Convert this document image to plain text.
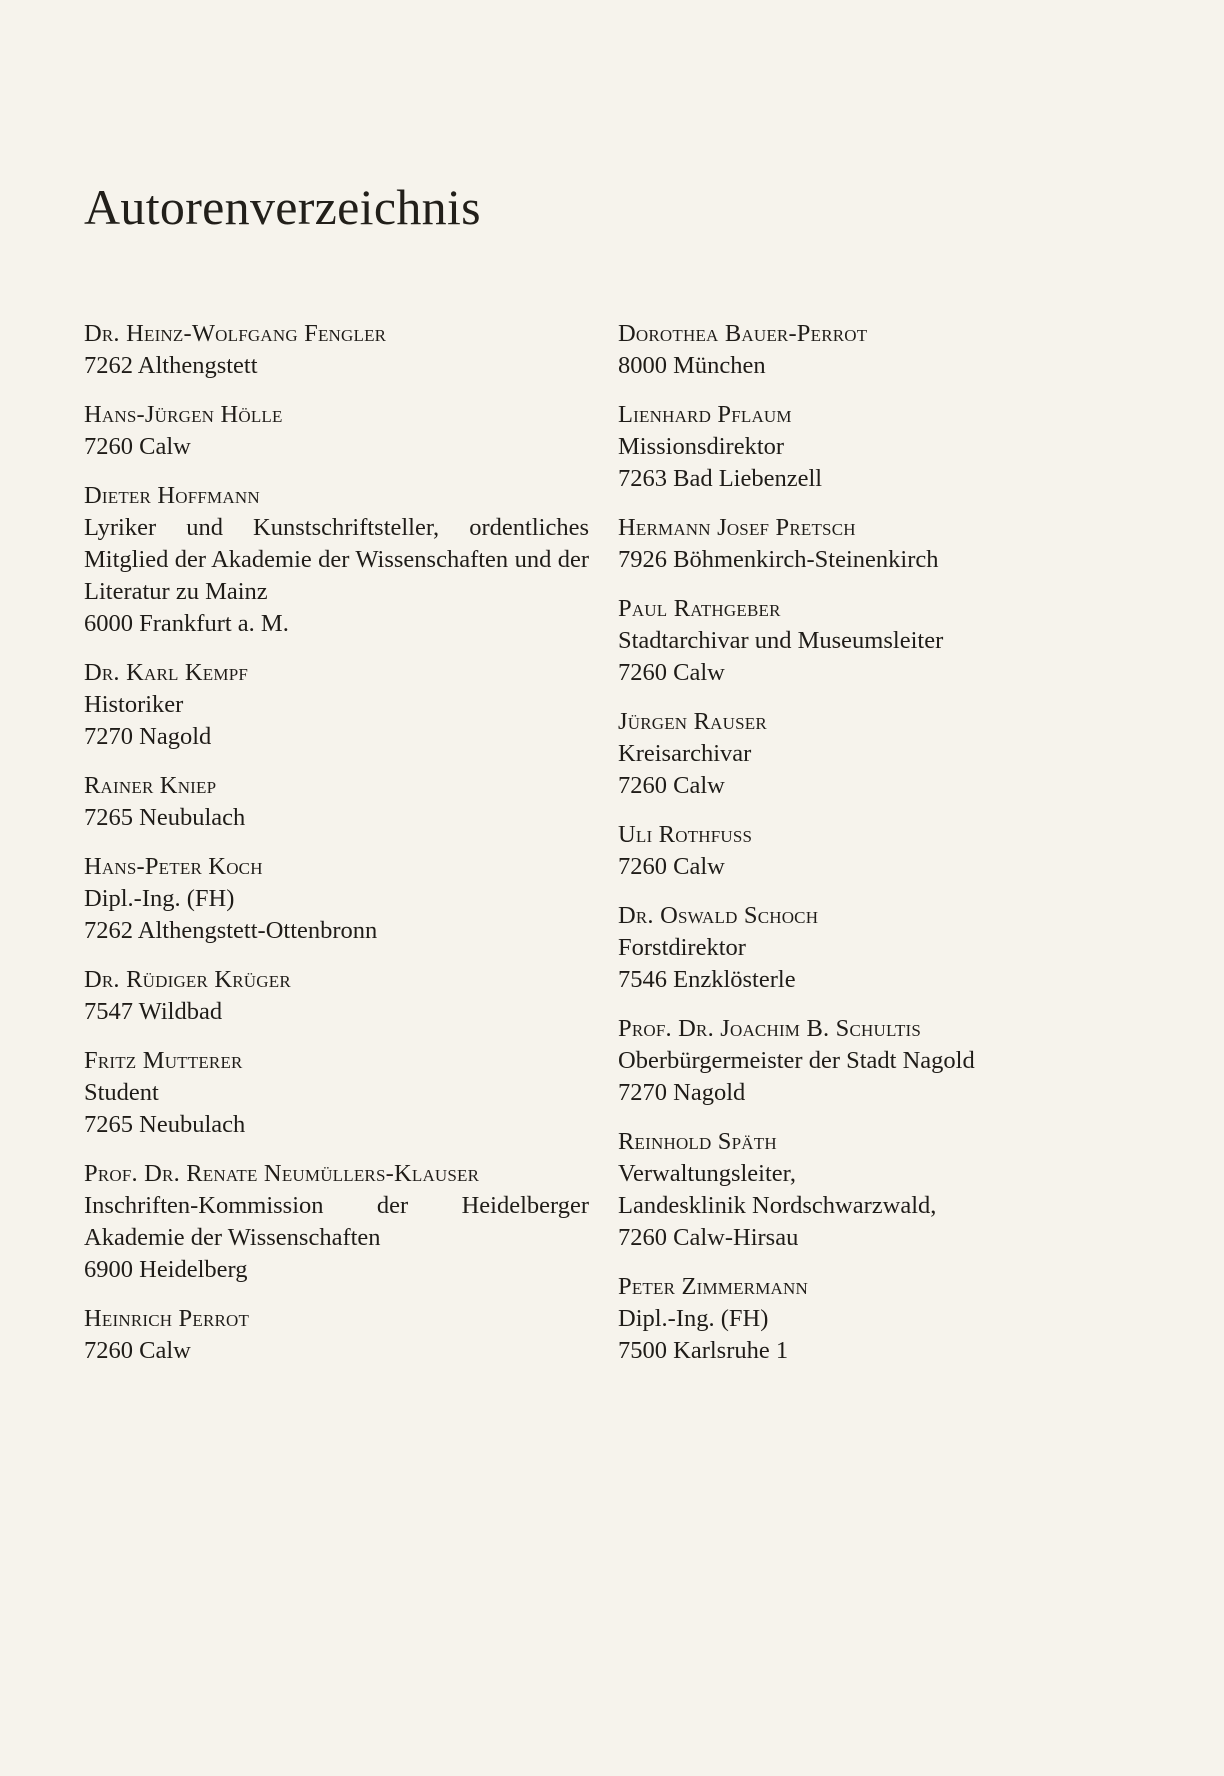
Autorenverzeichnis
Dr. Heinz-Wolfgang Fengler
7262 Althengstett
Hans-Jürgen Hölle
7260 Calw
Dieter Hoffmann
Lyriker und Kunstschriftsteller, ordentliches Mitglied der Akademie der Wissenschaften und der Literatur zu Mainz
6000 Frankfurt a. M.
Dr. Karl Kempf
Historiker
7270 Nagold
Rainer Kniep
7265 Neubulach
Hans-Peter Koch
Dipl.-Ing. (FH)
7262 Althengstett-Ottenbronn
Dr. Rüdiger Krüger
7547 Wildbad
Fritz Mutterer
Student
7265 Neubulach
Prof. Dr. Renate Neumüllers-Klauser
Inschriften-Kommission der Heidelberger Akademie der Wissenschaften
6900 Heidelberg
Heinrich Perrot
7260 Calw
Dorothea Bauer-Perrot
8000 München
Lienhard Pflaum
Missionsdirektor
7263 Bad Liebenzell
Hermann Josef Pretsch
7926 Böhmenkirch-Steinenkirch
Paul Rathgeber
Stadtarchivar und Museumsleiter
7260 Calw
Jürgen Rauser
Kreisarchivar
7260 Calw
Uli Rothfuss
7260 Calw
Dr. Oswald Schoch
Forstdirektor
7546 Enzklösterle
Prof. Dr. Joachim B. Schultis
Oberbürgermeister der Stadt Nagold
7270 Nagold
Reinhold Späth
Verwaltungsleiter,
Landesklinik Nordschwarzwald,
7260 Calw-Hirsau
Peter Zimmermann
Dipl.-Ing. (FH)
7500 Karlsruhe 1
